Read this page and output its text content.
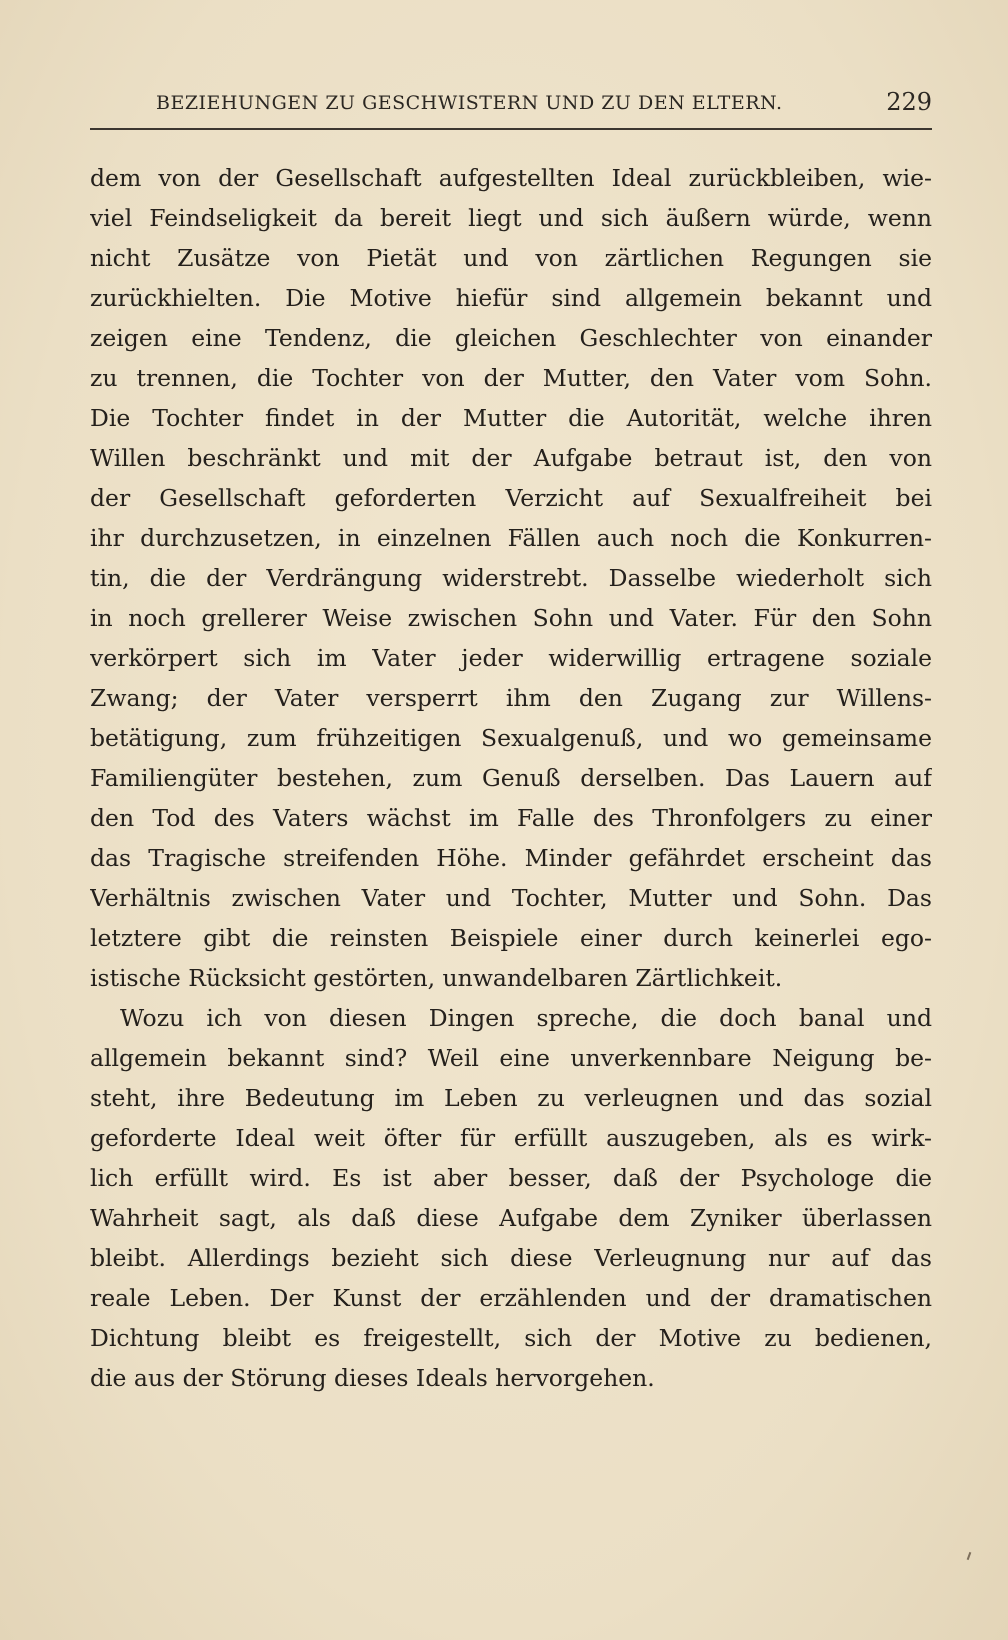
BEZIEHUNGEN ZU GESCHWISTERN UND ZU DEN ELTERN.	229
dem von der Gesellschaft aufgestellten Ideal zurückbleiben, wie-
viel Feindseligkeit da bereit liegt und sich äußern würde, wenn
nicht Zusätze von Pietät und von zärtlichen Regungen sie
zurückhielten. Die Motive hiefür sind allgemein bekannt und
zeigen eine Tendenz, die gleichen Geschlechter von einander
zu trennen, die Tochter von der Mutter, den Vater vom Sohn.
Die Tochter findet in der Mutter die Autorität, welche ihren
Willen beschränkt und mit der Aufgabe betraut ist, den von
der Gesellschaft geforderten Verzicht auf Sexualfreiheit bei
ihr durchzusetzen, in einzelnen Fällen auch noch die Konkurren-
tin, die der Verdrängung widerstrebt. Dasselbe wiederholt sich
in noch grellerer Weise zwischen Sohn und Vater. Für den Sohn
verkörpert sich im Vater jeder widerwillig ertragene soziale
Zwang; der Vater versperrt ihm den Zugang zur Willens-
betätigung, zum frühzeitigen Sexualgenuß, und wo gemeinsame
Familiengüter bestehen, zum Genuß derselben. Das Lauern auf
den Tod des Vaters wächst im Falle des Thronfolgers zu einer
das Tragische streifenden Höhe. Minder gefährdet erscheint das
Verhältnis zwischen Vater und Tochter, Mutter und Sohn. Das
letztere gibt die reinsten Beispiele einer durch keinerlei ego-
istische Rücksicht gestörten, unwandelbaren Zärtlichkeit.
Wozu ich von diesen Dingen spreche, die doch banal und
allgemein bekannt sind? Weil eine unverkennbare Neigung be-
steht, ihre Bedeutung im Leben zu verleugnen und das sozial
geforderte Ideal weit öfter für erfüllt auszugeben, als es wirk-
lich erfüllt wird. Es ist aber besser, daß der Psychologe die
Wahrheit sagt, als daß diese Aufgabe dem Zyniker überlassen
bleibt. Allerdings bezieht sich diese Verleugnung nur auf das
reale Leben. Der Kunst der erzählenden und der dramatischen
Dichtung bleibt es freigestellt, sich der Motive zu bedienen,
die aus der Störung dieses Ideals hervorgehen.
